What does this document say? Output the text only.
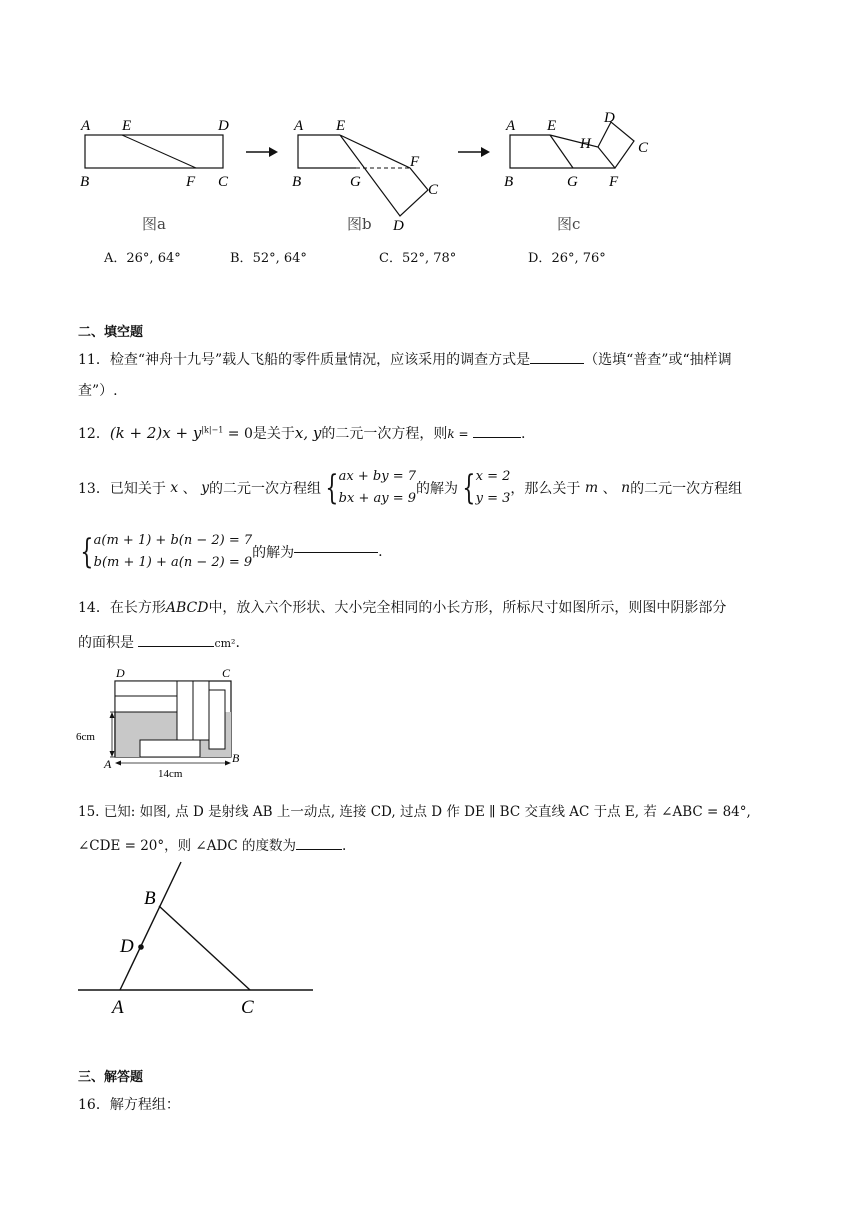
A E	D
B	F C
A E
B	G
F
C
D
A E
H
D
C
B	G F
图a	图b	图c
A．26°, 64°	B．52°, 64°	C．52°, 78°	D．26°, 76°
二、填空题
11．检查“神舟十九号”载人飞船的零件质量情况，应该采用的调查方式是	（选填“普查”或“抽样调
查”）.
12．$(k + 2)x + y^{|k|-1} = 0$是关于x, y的二元一次方程，则k =	.
13．已知关于
x
、
y 的二元一次方程组 { ax + by = 7
bx + ay = 9
的解为 { x = 2
y = 3
，那么关于
m
、
n 的二元一次方程组
{ a(m + 1) + b(n − 2) = 7
b(m + 1) + a(n − 2) = 9
的解为	.
14．在长方形ABCD中，放入六个形状、大小完全相同的小长方形，所标尺寸如图所示，则图中阴影部分
的面积是	cm².
D	C
A	B
6cm
14cm
15. 已知: 如图, 点 D 是射线 AB 上一动点, 连接 CD, 过点 D 作 DE ∥ BC 交直线 AC 于点 E, 若 ∠ABC = 84°,
∠CDE = 20°，则 ∠ADC 的度数为	.
B
D
A	C
三、解答题
16．解方程组：
